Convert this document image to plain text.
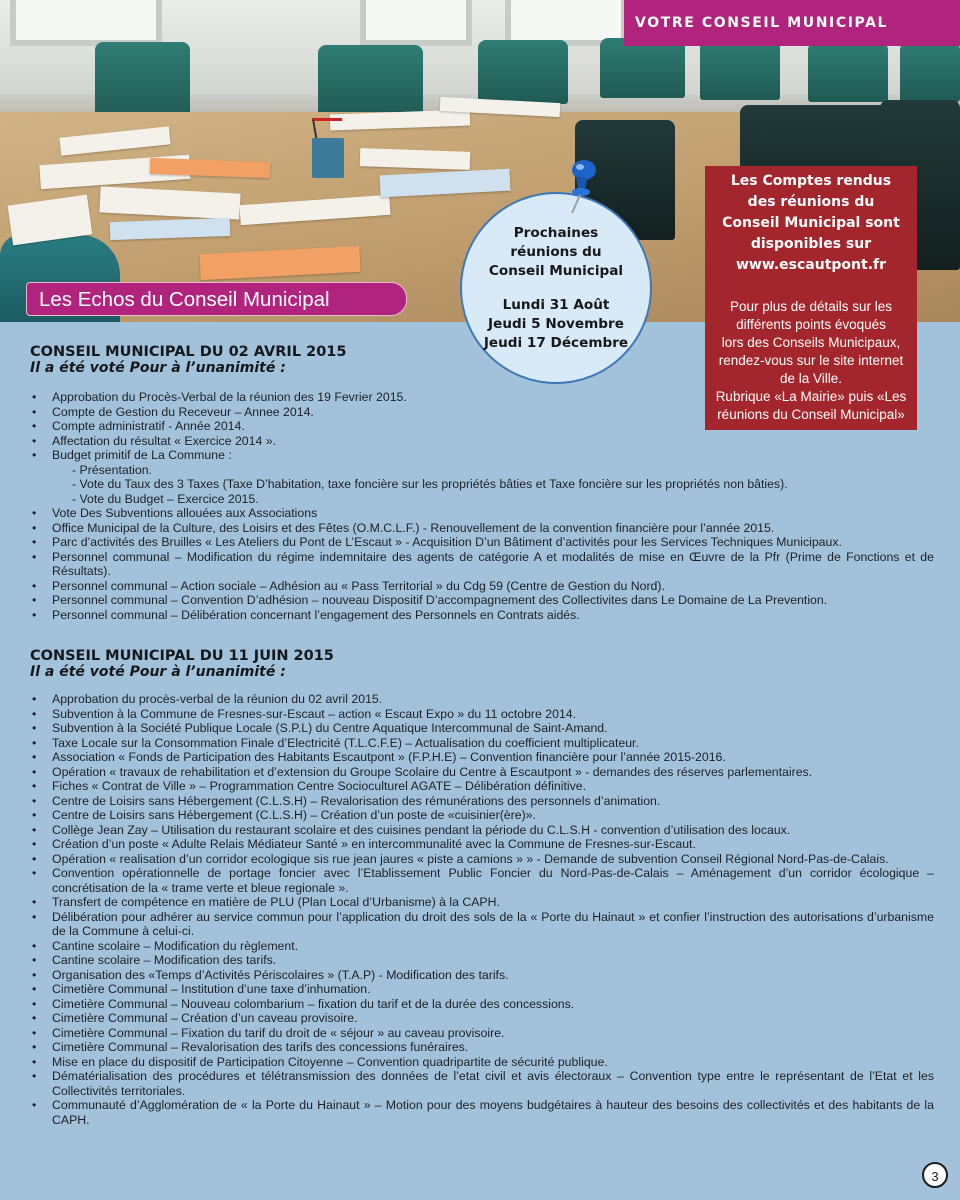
VOTRE CONSEIL MUNICIPAL
Les Echos du Conseil Municipal
Prochaines
réunions du
Conseil Municipal
Lundi 31 Août
Jeudi 5 Novembre
Jeudi 17 Décembre
Les Comptes rendus
des réunions du
Conseil Municipal sont
disponibles sur
www.escautpont.fr
Pour plus de détails sur les
différents points évoqués
lors des Conseils Municipaux,
rendez-vous sur le site internet
de la Ville.
Rubrique «La Mairie» puis «Les
réunions du Conseil Municipal»
CONSEIL MUNICIPAL DU 02 AVRIL 2015
Il a été voté Pour à l’unanimité :
• Approbation du Procès-Verbal de la réunion des 19 Fevrier 2015.
• Compte de Gestion du Receveur – Annee 2014.
• Compte administratif - Année 2014.
• Affectation du résultat « Exercice 2014 ».
• Budget primitif de La Commune :
- Présentation.
- Vote du Taux des 3 Taxes (Taxe D’habitation, taxe foncière sur les propriétés bâties et Taxe foncière sur les propriétés non bâties).
- Vote du Budget – Exercice 2015.
• Vote Des Subventions allouées aux Associations
• Office Municipal de la Culture, des Loisirs et des Fêtes (O.M.C.L.F.) - Renouvellement de la convention financière pour l’année 2015.
• Parc d’activités des Bruilles « Les Ateliers du Pont de L’Escaut » - Acquisition D’un Bâtiment d’activités pour les Services Techniques Municipaux.
• Personnel communal – Modification du régime indemnitaire des agents de catégorie A et modalités de mise en Œuvre de la Pfr (Prime de Fonctions et de Résultats).
• Personnel communal – Action sociale – Adhésion au « Pass Territorial » du Cdg 59 (Centre de Gestion du Nord).
• Personnel communal – Convention D’adhésion – nouveau Dispositif D’accompagnement des Collectivites dans Le Domaine de La Prevention.
• Personnel communal – Délibération concernant l’engagement des Personnels en Contrats aidés.
CONSEIL MUNICIPAL DU 11 JUIN 2015
Il a été voté Pour à l’unanimité :
• Approbation du procès-verbal de la réunion du 02 avril 2015.
• Subvention à la Commune de Fresnes-sur-Escaut – action « Escaut Expo » du 11 octobre 2014.
• Subvention à la Société Publique Locale (S.P.L) du Centre Aquatique Intercommunal de Saint-Amand.
• Taxe Locale sur la Consommation Finale d’Electricité (T.L.C.F.E) – Actualisation du coefficient multiplicateur.
• Association « Fonds de Participation des Habitants Escautpont » (F.P.H.E) – Convention financière pour l’année 2015-2016.
• Opération « travaux de rehabilitation et d’extension du Groupe Scolaire du Centre à Escautpont » - demandes des réserves parlementaires.
• Fiches « Contrat de Ville » – Programmation Centre Socioculturel AGATE – Délibération définitive.
• Centre de Loisirs sans Hébergement (C.L.S.H) – Revalorisation des rémunérations des personnels d’animation.
• Centre de Loisirs sans Hébergement (C.L.S.H) – Création d’un poste de «cuisinier(ère)».
• Collège Jean Zay – Utilisation du restaurant scolaire et des cuisines pendant la période du C.L.S.H - convention d’utilisation des locaux.
• Création d’un poste « Adulte Relais Médiateur Santé » en intercommunalité avec la Commune de Fresnes-sur-Escaut.
• Opération « realisation d’un corridor ecologique sis rue jean jaures « piste a camions » » - Demande de subvention Conseil Régional Nord-Pas-de-Calais.
• Convention opérationnelle de portage foncier avec l’Etablissement Public Foncier du Nord-Pas-de-Calais – Aménagement d’un corridor écologique – concrétisation de la « trame verte et bleue regionale ».
• Transfert de compétence en matière de PLU (Plan Local d’Urbanisme) à la CAPH.
• Délibération pour adhérer au service commun pour l’application du droit des sols de la « Porte du Hainaut » et confier l’instruction des autorisations d’urbanisme de la Commune à celui-ci.
• Cantine scolaire – Modification du règlement.
• Cantine scolaire – Modification des tarifs.
• Organisation des «Temps d’Activités Périscolaires » (T.A.P) - Modification des tarifs.
• Cimetière Communal – Institution d’une taxe d’inhumation.
• Cimetière Communal – Nouveau colombarium – fixation du tarif et de la durée des concessions.
• Cimetière Communal – Création d’un caveau provisoire.
• Cimetière Communal – Fixation du tarif du droit de « séjour » au caveau provisoire.
• Cimetière Communal – Revalorisation des tarifs des concessions funéraires.
• Mise en place du dispositif de Participation Citoyenne – Convention quadripartite de sécurité publique.
• Dématérialisation des procédures et télétransmission des données de l’etat civil et avis électoraux – Convention type entre le représentant de l’Etat et les Collectivités territoriales.
• Communauté d’Agglomération de « la Porte du Hainaut » – Motion pour des moyens budgétaires à hauteur des besoins des collectivités et des habitants de la CAPH.
3
